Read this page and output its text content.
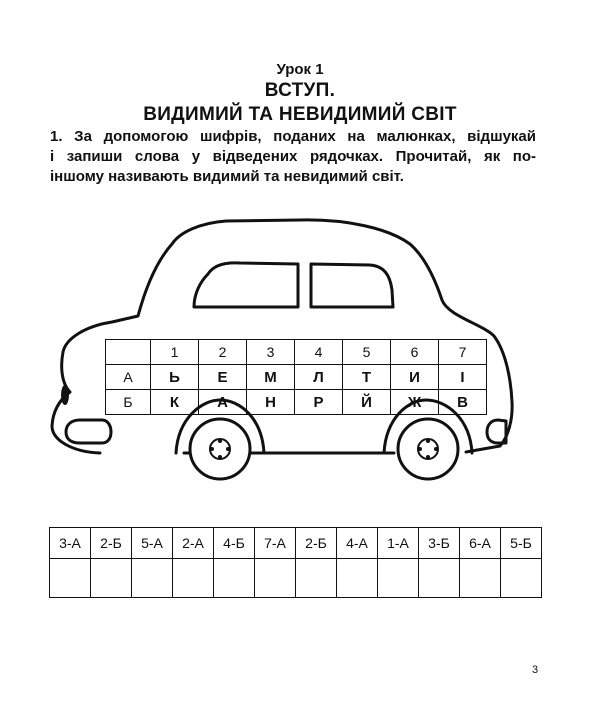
Урок 1
ВСТУП.
ВИДИМИЙ ТА НЕВИДИМИЙ СВІТ

1. За допомогою шифрів, поданих на малюнках, відшукай

і запиши слова у відведених рядочках. Прочитай, як по-

іншому називають видимий та невидимий світ.

	1	2	3	4	5	6	7
А	Ь	Е	М	Л	Т	И	І
Б	К	А	Н	Р	Й	Ж	В
3-А	2-Б	5-А	2-А	4-Б	7-А	2-Б	4-А	1-А	3-Б	6-А	5-Б

3
